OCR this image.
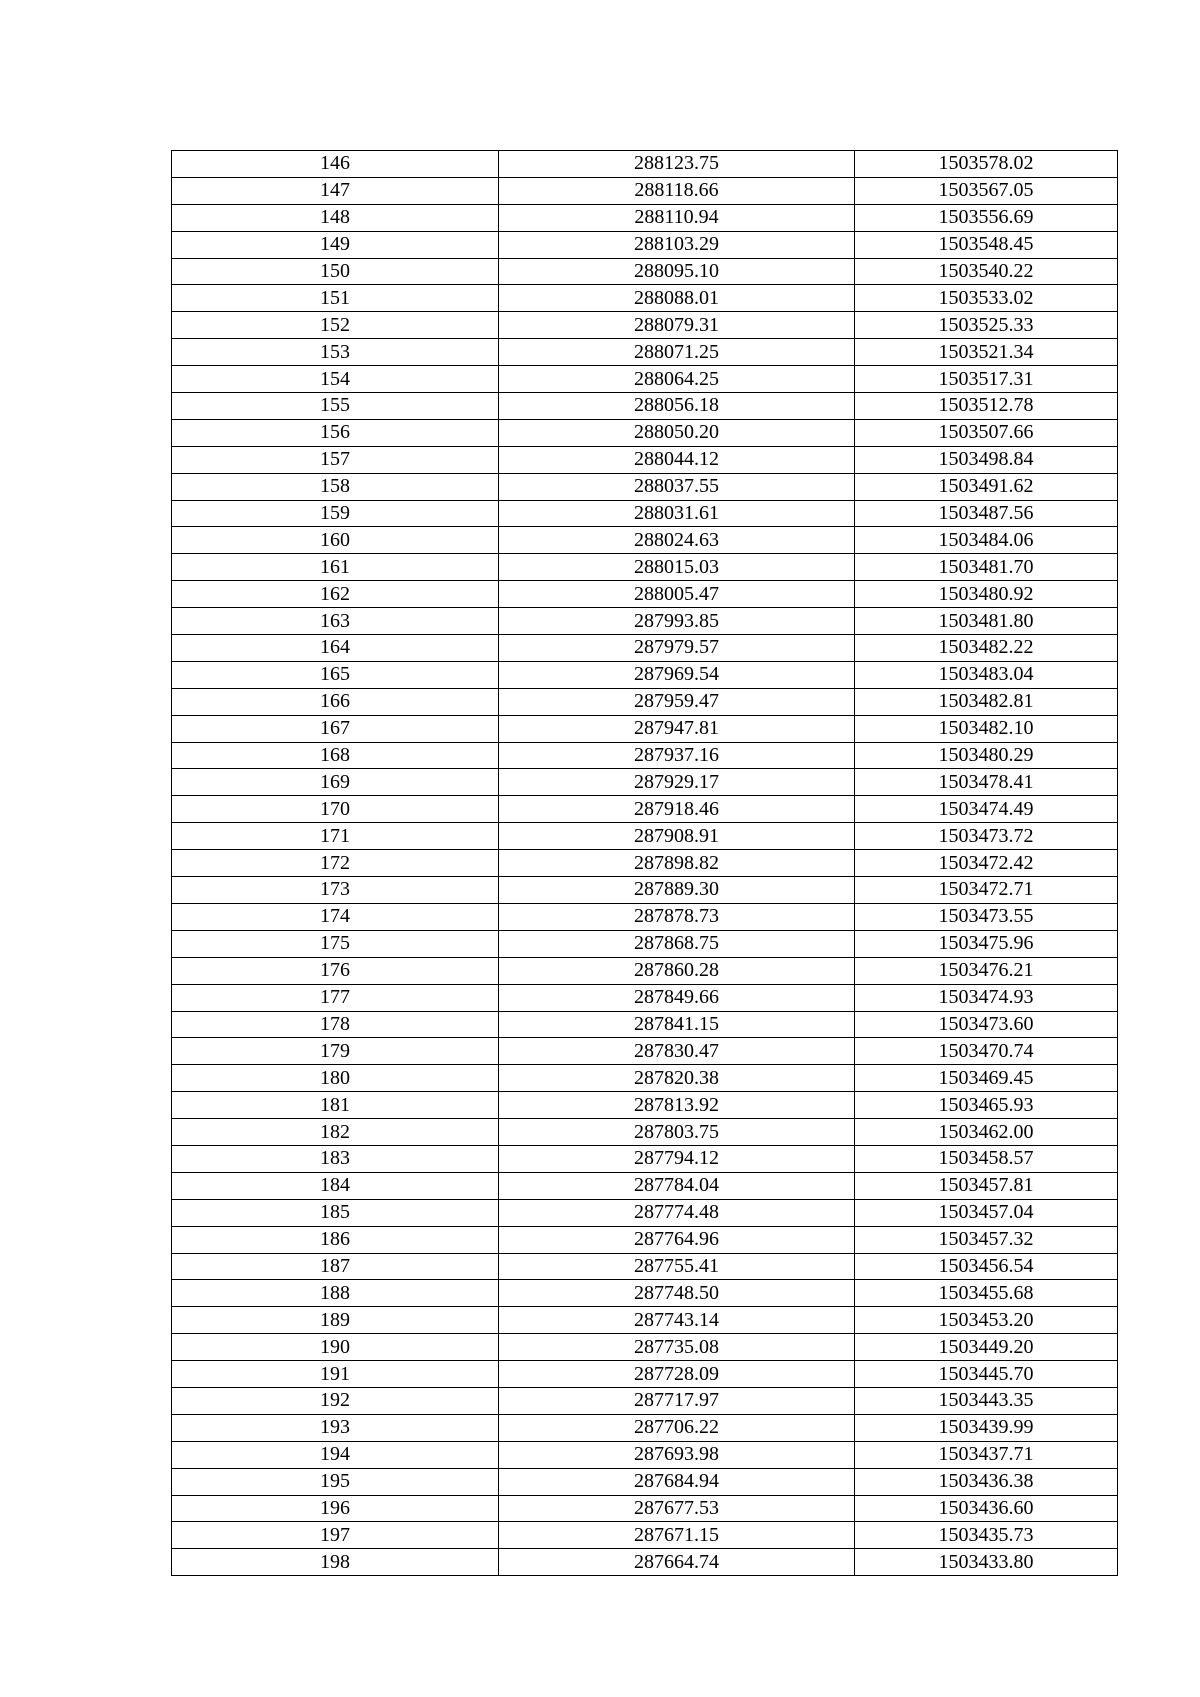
146	288123.75	1503578.02
147	288118.66	1503567.05
148	288110.94	1503556.69
149	288103.29	1503548.45
150	288095.10	1503540.22
151	288088.01	1503533.02
152	288079.31	1503525.33
153	288071.25	1503521.34
154	288064.25	1503517.31
155	288056.18	1503512.78
156	288050.20	1503507.66
157	288044.12	1503498.84
158	288037.55	1503491.62
159	288031.61	1503487.56
160	288024.63	1503484.06
161	288015.03	1503481.70
162	288005.47	1503480.92
163	287993.85	1503481.80
164	287979.57	1503482.22
165	287969.54	1503483.04
166	287959.47	1503482.81
167	287947.81	1503482.10
168	287937.16	1503480.29
169	287929.17	1503478.41
170	287918.46	1503474.49
171	287908.91	1503473.72
172	287898.82	1503472.42
173	287889.30	1503472.71
174	287878.73	1503473.55
175	287868.75	1503475.96
176	287860.28	1503476.21
177	287849.66	1503474.93
178	287841.15	1503473.60
179	287830.47	1503470.74
180	287820.38	1503469.45
181	287813.92	1503465.93
182	287803.75	1503462.00
183	287794.12	1503458.57
184	287784.04	1503457.81
185	287774.48	1503457.04
186	287764.96	1503457.32
187	287755.41	1503456.54
188	287748.50	1503455.68
189	287743.14	1503453.20
190	287735.08	1503449.20
191	287728.09	1503445.70
192	287717.97	1503443.35
193	287706.22	1503439.99
194	287693.98	1503437.71
195	287684.94	1503436.38
196	287677.53	1503436.60
197	287671.15	1503435.73
198	287664.74	1503433.80
